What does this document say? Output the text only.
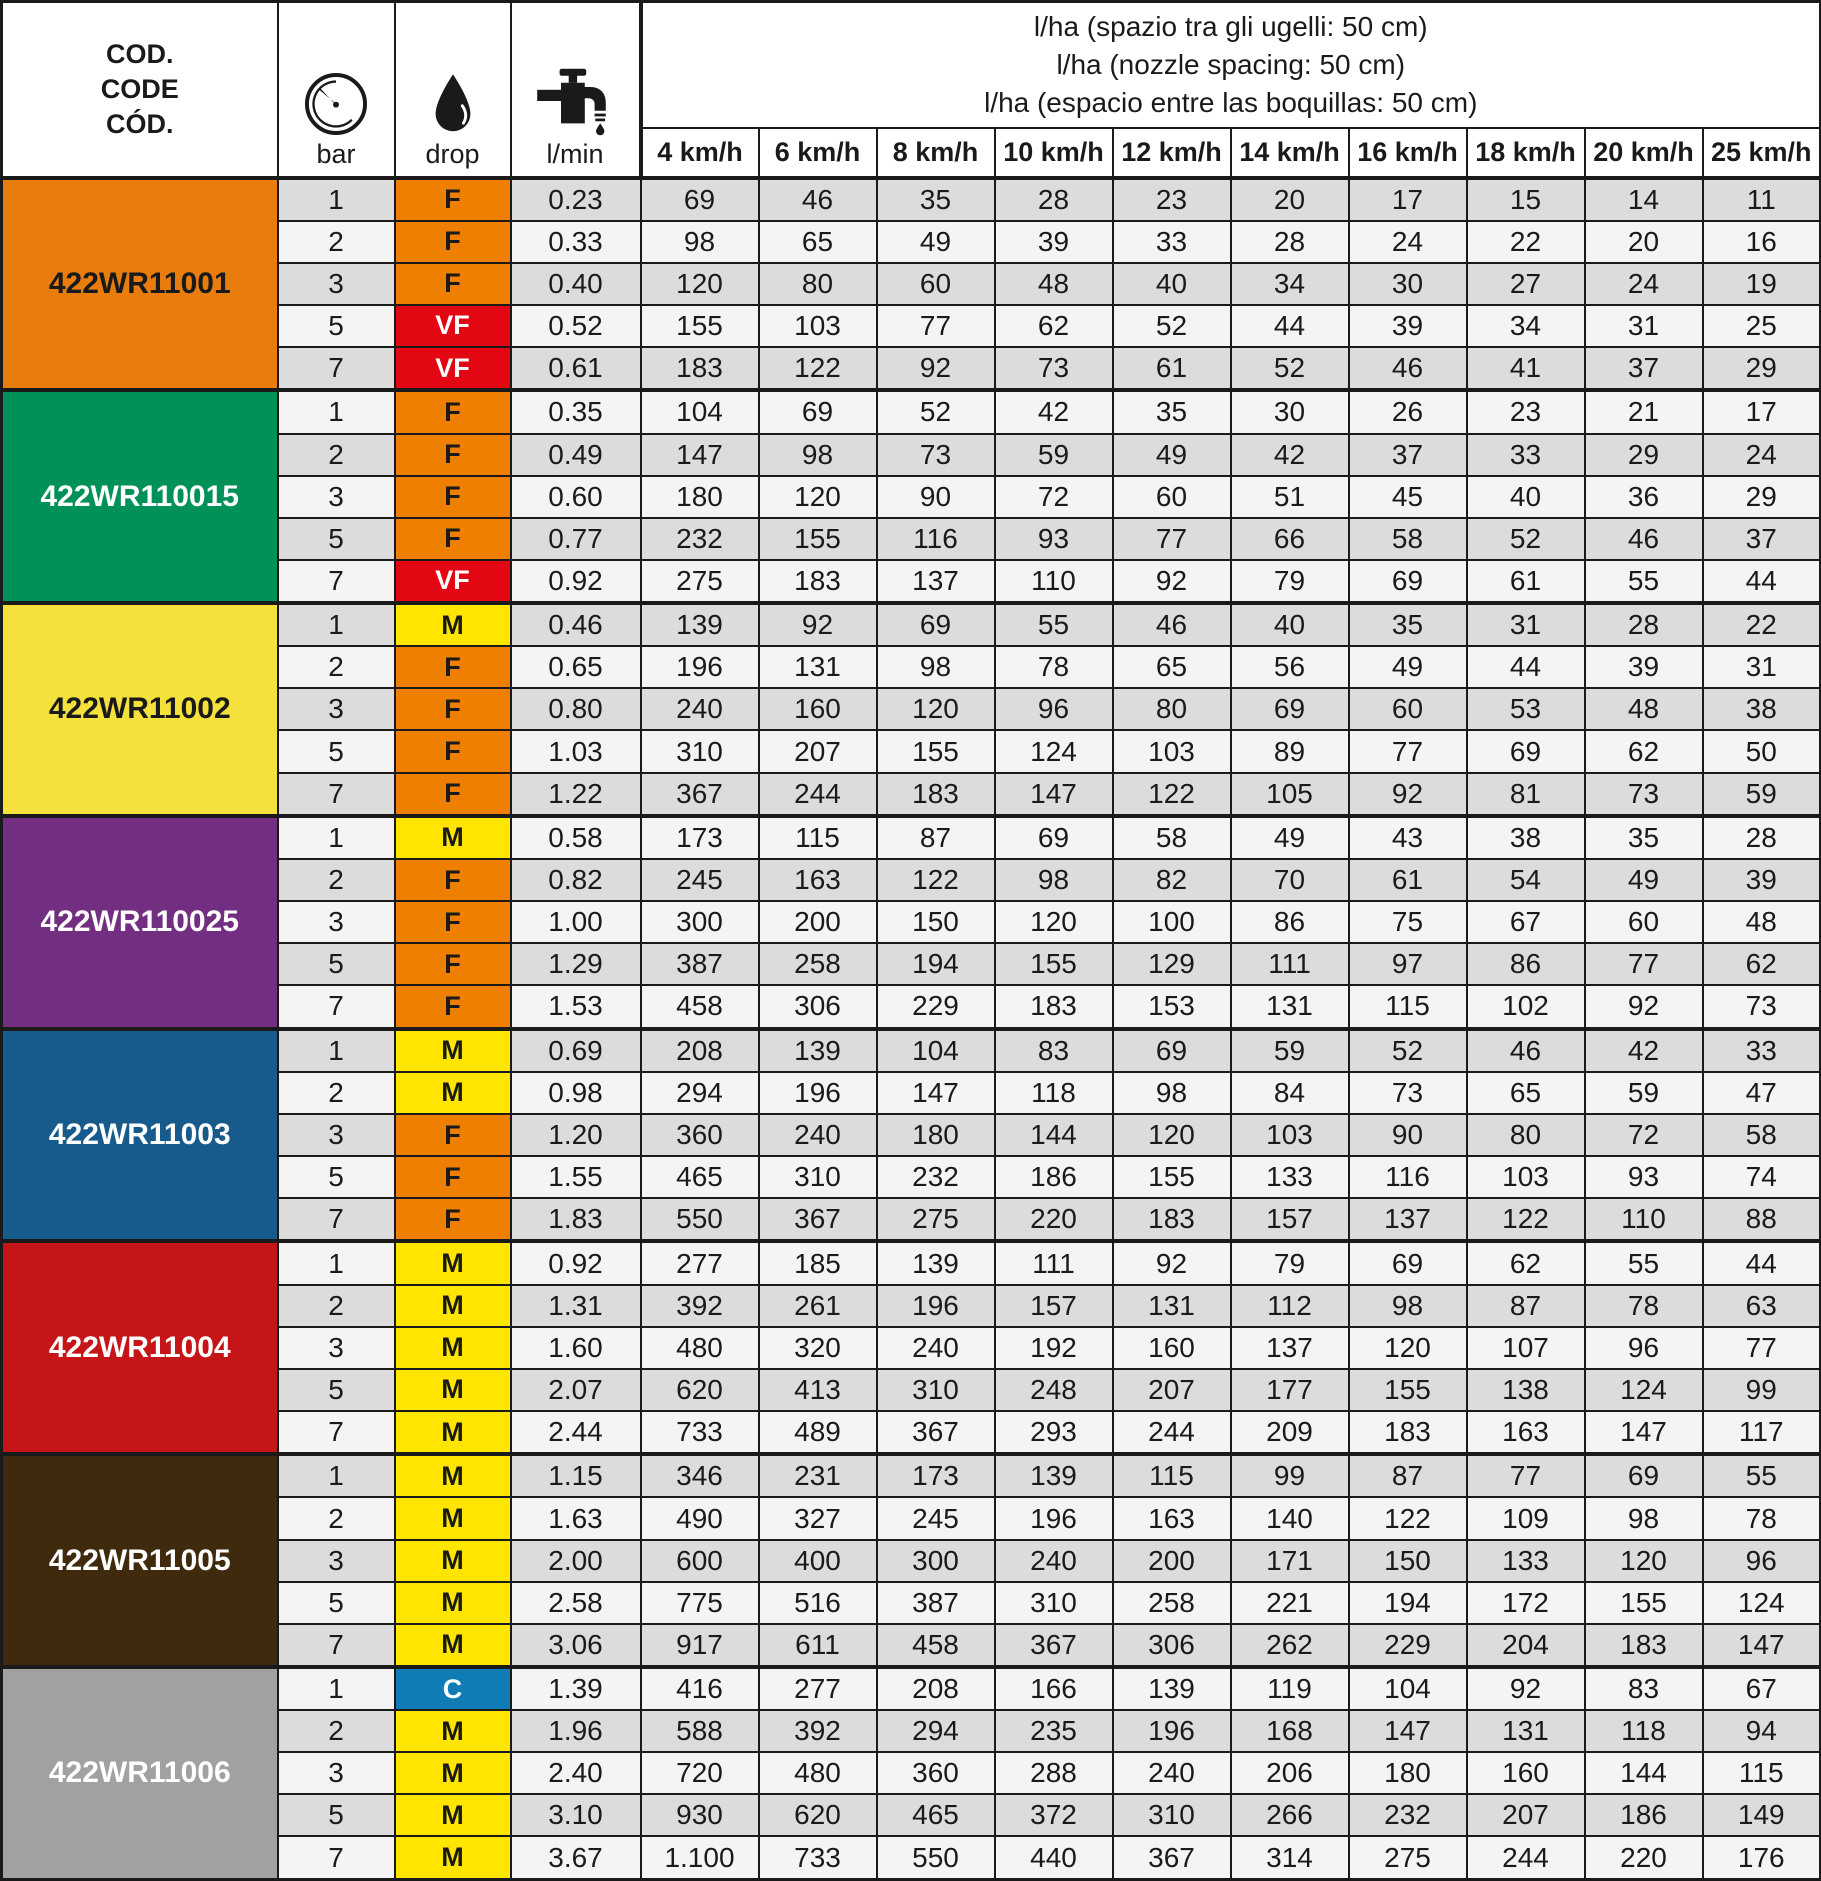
COD.
CODE
CÓD.

bar	drop	l/min

l/ha (spazio tra gli ugelli: 50 cm)
l/ha (nozzle spacing: 50 cm)
l/ha (espacio entre las boquillas: 50 cm)

				4 km/h	6 km/h	8 km/h	10 km/h	12 km/h	14 km/h	16 km/h	18 km/h	20 km/h	25 km/h
422WR11001	1	F	0.23	69	46	35	28	23	20	17	15	14	11
	2	F	0.33	98	65	49	39	33	28	24	22	20	16
	3	F	0.40	120	80	60	48	40	34	30	27	24	19
	5	VF	0.52	155	103	77	62	52	44	39	34	31	25
	7	VF	0.61	183	122	92	73	61	52	46	41	37	29
422WR110015	1	F	0.35	104	69	52	42	35	30	26	23	21	17
	2	F	0.49	147	98	73	59	49	42	37	33	29	24
	3	F	0.60	180	120	90	72	60	51	45	40	36	29
	5	F	0.77	232	155	116	93	77	66	58	52	46	37
	7	VF	0.92	275	183	137	110	92	79	69	61	55	44
422WR11002	1	M	0.46	139	92	69	55	46	40	35	31	28	22
	2	F	0.65	196	131	98	78	65	56	49	44	39	31
	3	F	0.80	240	160	120	96	80	69	60	53	48	38
	5	F	1.03	310	207	155	124	103	89	77	69	62	50
	7	F	1.22	367	244	183	147	122	105	92	81	73	59
422WR110025	1	M	0.58	173	115	87	69	58	49	43	38	35	28
	2	F	0.82	245	163	122	98	82	70	61	54	49	39
	3	F	1.00	300	200	150	120	100	86	75	67	60	48
	5	F	1.29	387	258	194	155	129	111	97	86	77	62
	7	F	1.53	458	306	229	183	153	131	115	102	92	73
422WR11003	1	M	0.69	208	139	104	83	69	59	52	46	42	33
	2	M	0.98	294	196	147	118	98	84	73	65	59	47
	3	F	1.20	360	240	180	144	120	103	90	80	72	58
	5	F	1.55	465	310	232	186	155	133	116	103	93	74
	7	F	1.83	550	367	275	220	183	157	137	122	110	88
422WR11004	1	M	0.92	277	185	139	111	92	79	69	62	55	44
	2	M	1.31	392	261	196	157	131	112	98	87	78	63
	3	M	1.60	480	320	240	192	160	137	120	107	96	77
	5	M	2.07	620	413	310	248	207	177	155	138	124	99
	7	M	2.44	733	489	367	293	244	209	183	163	147	117
422WR11005	1	M	1.15	346	231	173	139	115	99	87	77	69	55
	2	M	1.63	490	327	245	196	163	140	122	109	98	78
	3	M	2.00	600	400	300	240	200	171	150	133	120	96
	5	M	2.58	775	516	387	310	258	221	194	172	155	124
	7	M	3.06	917	611	458	367	306	262	229	204	183	147
422WR11006	1	C	1.39	416	277	208	166	139	119	104	92	83	67
	2	M	1.96	588	392	294	235	196	168	147	131	118	94
	3	M	2.40	720	480	360	288	240	206	180	160	144	115
	5	M	3.10	930	620	465	372	310	266	232	207	186	149
	7	M	3.67	1.100	733	550	440	367	314	275	244	220	176
